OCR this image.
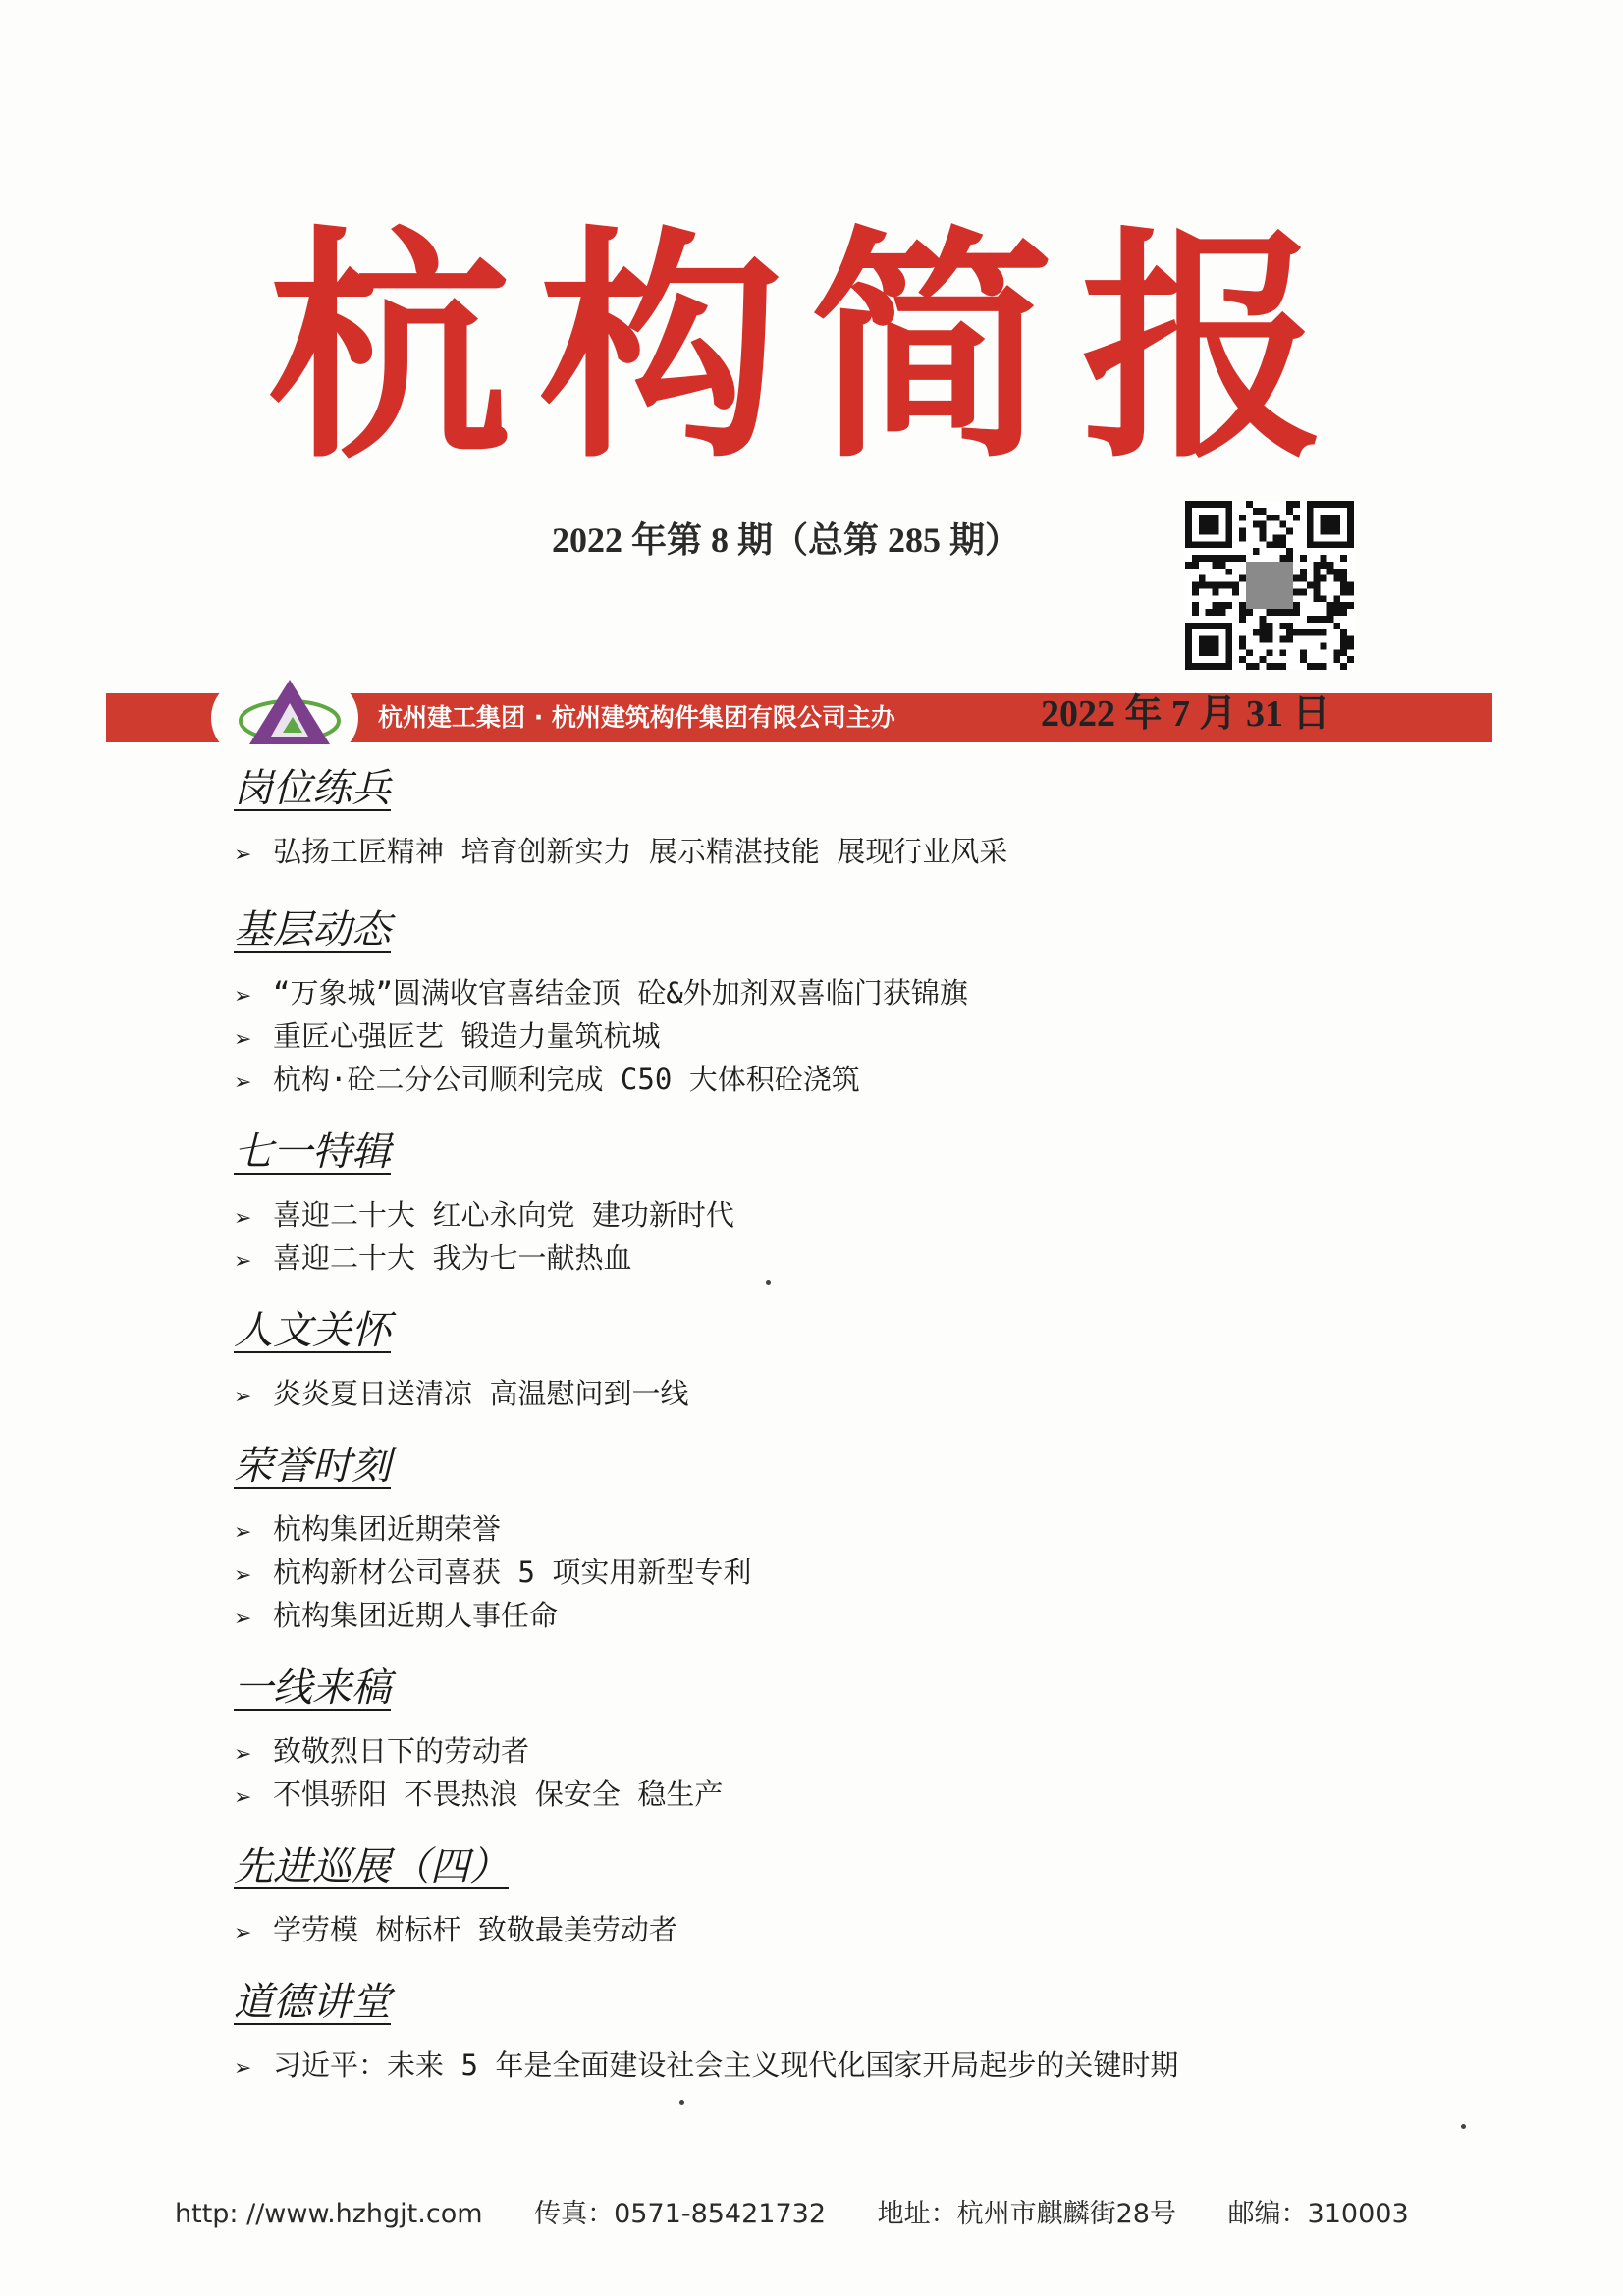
杭构简报
2022 年第 8 期（总第 285 期）
杭州建工集团 · 杭州建筑构件集团有限公司主办	2022 年 7 月 31 日
岗位练兵
➢ 弘扬工匠精神 培育创新实力 展示精湛技能 展现行业风采
基层动态
➢ “万象城”圆满收官喜结金顶 砼&外加剂双喜临门获锦旗
➢ 重匠心强匠艺 锻造力量筑杭城
➢ 杭构·砼二分公司顺利完成 C50 大体积砼浇筑
七一特辑
➢ 喜迎二十大 红心永向党 建功新时代
➢ 喜迎二十大 我为七一献热血
人文关怀
➢ 炎炎夏日送清凉 高温慰问到一线
荣誉时刻
➢ 杭构集团近期荣誉
➢ 杭构新材公司喜获 5 项实用新型专利
➢ 杭构集团近期人事任命
一线来稿
➢ 致敬烈日下的劳动者
➢ 不惧骄阳 不畏热浪 保安全 稳生产
先进巡展（四）
➢ 学劳模 树标杆 致敬最美劳动者
道德讲堂
➢ 习近平：未来 5 年是全面建设社会主义现代化国家开局起步的关键时期
http: //www.hzhgjt.com 传真：0571-85421732 地址：杭州市麒麟街28号 邮编：310003
